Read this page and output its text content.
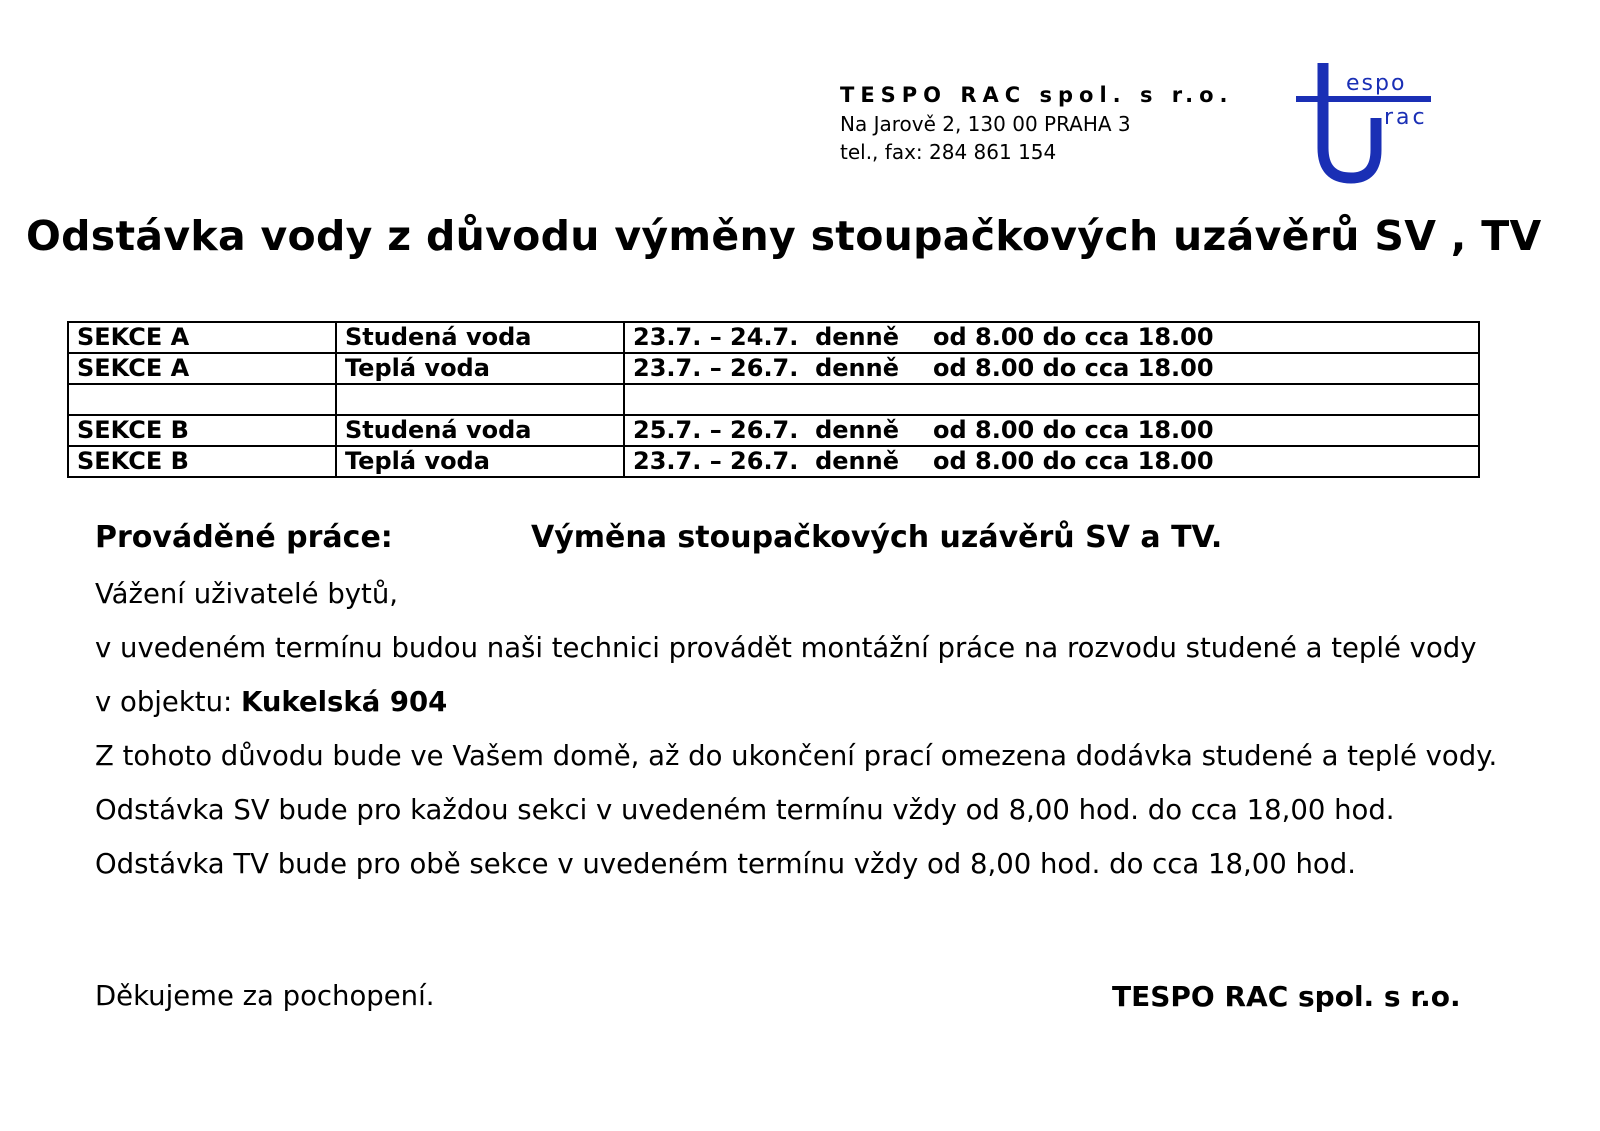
TESPO RAC spol. s r.o.
Na Jarově 2, 130 00 PRAHA 3
tel., fax: 284 861 154
espo
rac
Odstávka vody z důvodu výměny stoupačkových uzávěrů SV , TV
SEKCE A	Studená voda	23.7. – 24.7.  denně od 8.00 do cca 18.00
SEKCE A	Teplá voda	23.7. – 26.7.  denně od 8.00 do cca 18.00

SEKCE B	Studená voda	25.7. – 26.7.  denně od 8.00 do cca 18.00
SEKCE B	Teplá voda	23.7. – 26.7.  denně od 8.00 do cca 18.00
Prováděné práce:	Výměna stoupačkových uzávěrů SV a TV.
Vážení uživatelé bytů,
v uvedeném termínu budou naši technici provádět montážní práce na rozvodu studené a teplé vody
v objektu: Kukelská 904
Z tohoto důvodu bude ve Vašem domě, až do ukončení prací omezena dodávka studené a teplé vody.
Odstávka SV bude pro každou sekci v uvedeném termínu vždy od 8,00 hod. do cca 18,00 hod.
Odstávka TV bude pro obě sekce v uvedeném termínu vždy od 8,00 hod. do cca 18,00 hod.
Děkujeme za pochopení.	TESPO RAC spol. s r.o.
